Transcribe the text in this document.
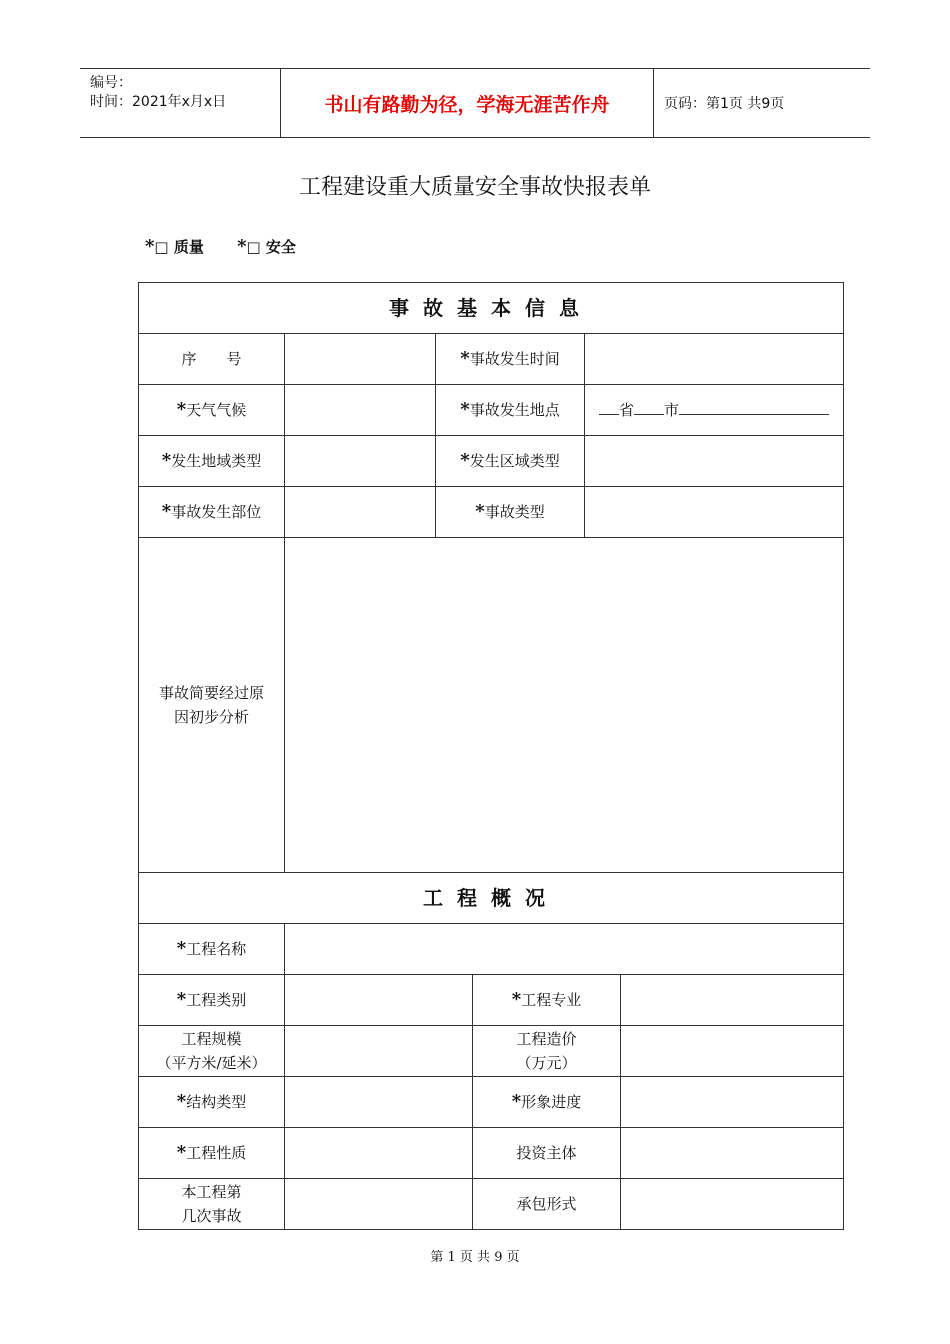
编号：
时间：2021年x月x日	书山有路勤为径，学海无涯苦作舟	页码：第1页 共9页
工程建设重大质量安全事故快报表单
*□ 质量 *□ 安全
事故基本信息					
序　　号		*事故发生时间			
*天气气候		*事故发生地点		省 市	
*发生地域类型		*发生区域类型			
*事故发生部位		*事故类型			
事故简要经过原
因初步分析					
工程概况					
*工程名称					
*工程类别			*工程专业		
工程规模
（平方米/延米）			工程造价
（万元）		
*结构类型			*形象进度		
*工程性质			投资主体		
本工程第
几次事故			承包形式		
第 1 页 共 9 页
